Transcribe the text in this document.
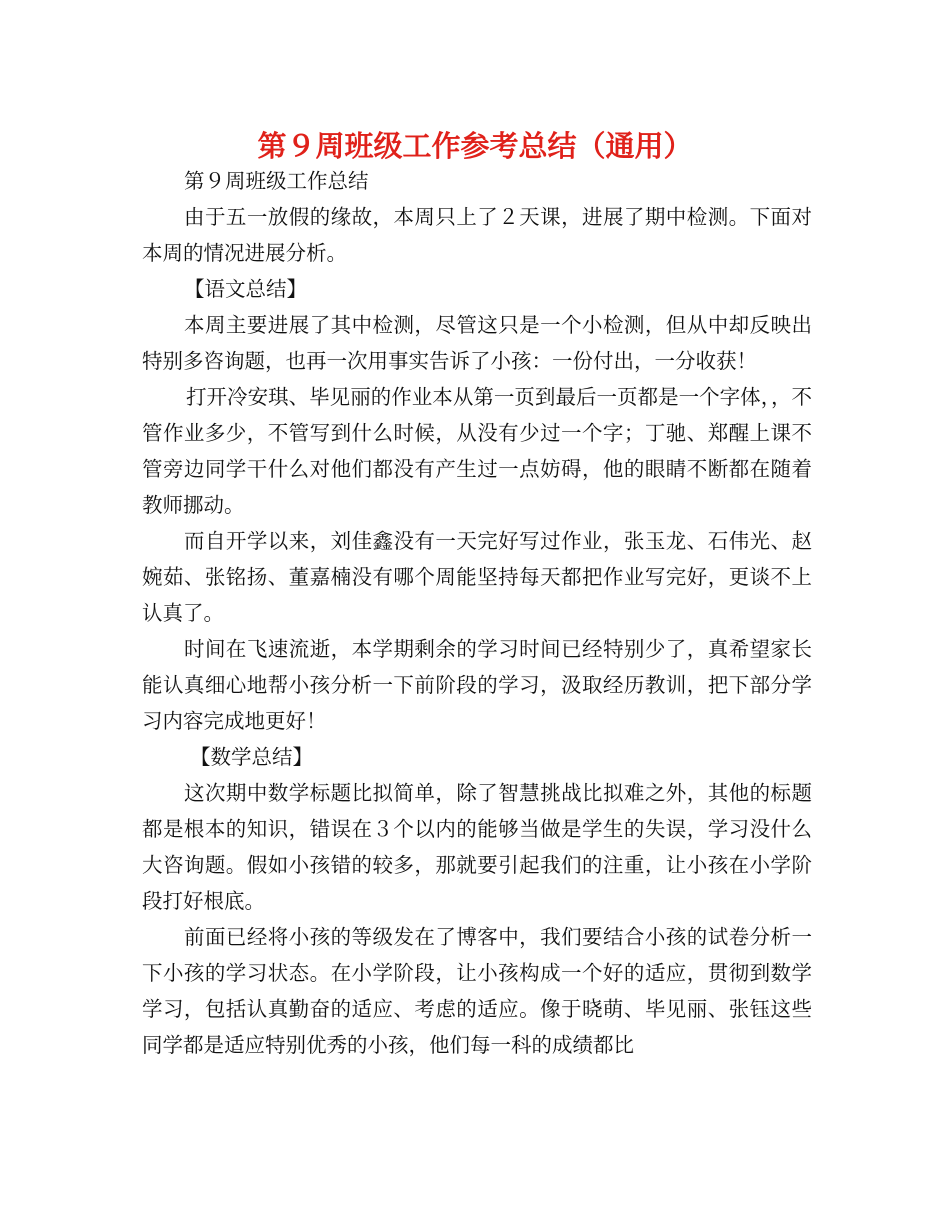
第９周班级工作参考总结（通用）

第９周班级工作总结

由于五一放假的缘故，本周只上了２天课，进展了期中检测。下面对本周的情况进展分析。

【语文总结】

本周主要进展了其中检测，尽管这只是一个小检测，但从中却反映出特别多咨询题，也再一次用事实告诉了小孩：一份付出，一分收获！

打开冷安琪、毕见丽的作业本从第一页到最后一页都是一个字体，，不管作业多少，不管写到什么时候，从没有少过一个字；丁驰、郑醒上课不管旁边同学干什么对他们都没有产生过一点妨碍，他的眼睛不断都在随着教师挪动。

而自开学以来，刘佳鑫没有一天完好写过作业，张玉龙、石伟光、赵婉茹、张铭扬、董嘉楠没有哪个周能坚持每天都把作业写完好，更谈不上认真了。

时间在飞速流逝，本学期剩余的学习时间已经特别少了，真希望家长能认真细心地帮小孩分析一下前阶段的学习，汲取经历教训，把下部分学习内容完成地更好！

【数学总结】

这次期中数学标题比拟简单，除了智慧挑战比拟难之外，其他的标题都是根本的知识，错误在３个以内的能够当做是学生的失误，学习没什么大咨询题。假如小孩错的较多，那就要引起我们的注重，让小孩在小学阶段打好根底。

前面已经将小孩的等级发在了博客中，我们要结合小孩的试卷分析一下小孩的学习状态。在小学阶段，让小孩构成一个好的适应，贯彻到数学学习，包括认真勤奋的适应、考虑的适应。像于晓萌、毕见丽、张钰这些同学都是适应特别优秀的小孩，他们每一科的成绩都比
